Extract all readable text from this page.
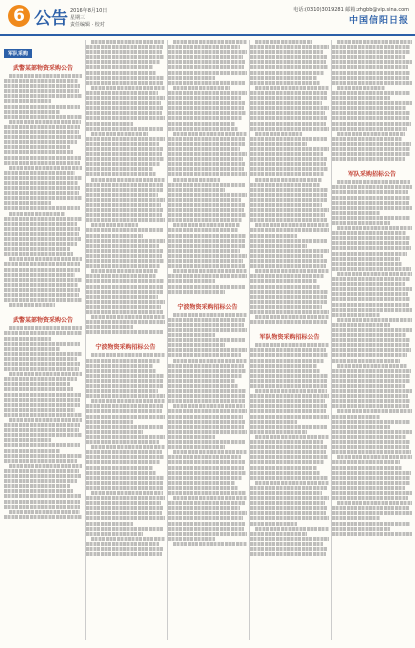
6 公告 2016年8月10日
星期三
责任编辑 · 校对
电话:(0310)3019281 邮箱:zhgbb@vip.sina.com
中国信阳日报
军队采购
武警某部物资采购公告
武警某部物资采购公告
宁波物资采购招标公告
宁波物资采购招标公告
军队物资采购招标公告
军队采购招标公告
